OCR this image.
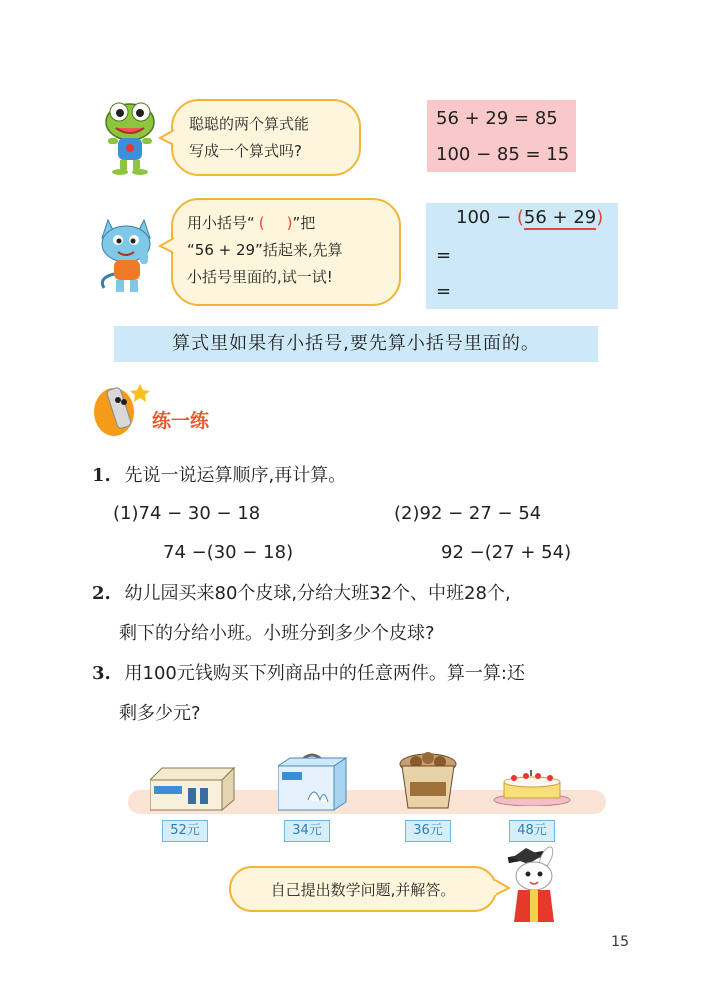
聪聪的两个算式能
写成一个算式吗?
56 + 29 = 85
100 − 85 = 15
用小括号“ ( )”把
“56 + 29”括起来,先算
小括号里面的,试一试!
100 − (56 + 29)
=
=
算式里如果有小括号,要先算小括号里面的。
练一练
1. 先说一说运算顺序,再计算。
(1)74 − 30 − 18
74 −(30 − 18)
(2)92 − 27 − 54
92 −(27 + 54)
2. 幼儿园买来80个皮球,分给大班32个、中班28个,
剩下的分给小班。小班分到多少个皮球?
3. 用100元钱购买下列商品中的任意两件。算一算:还
剩多少元?
52元	34元	36元	48元
自己提出数学问题,并解答。
15
